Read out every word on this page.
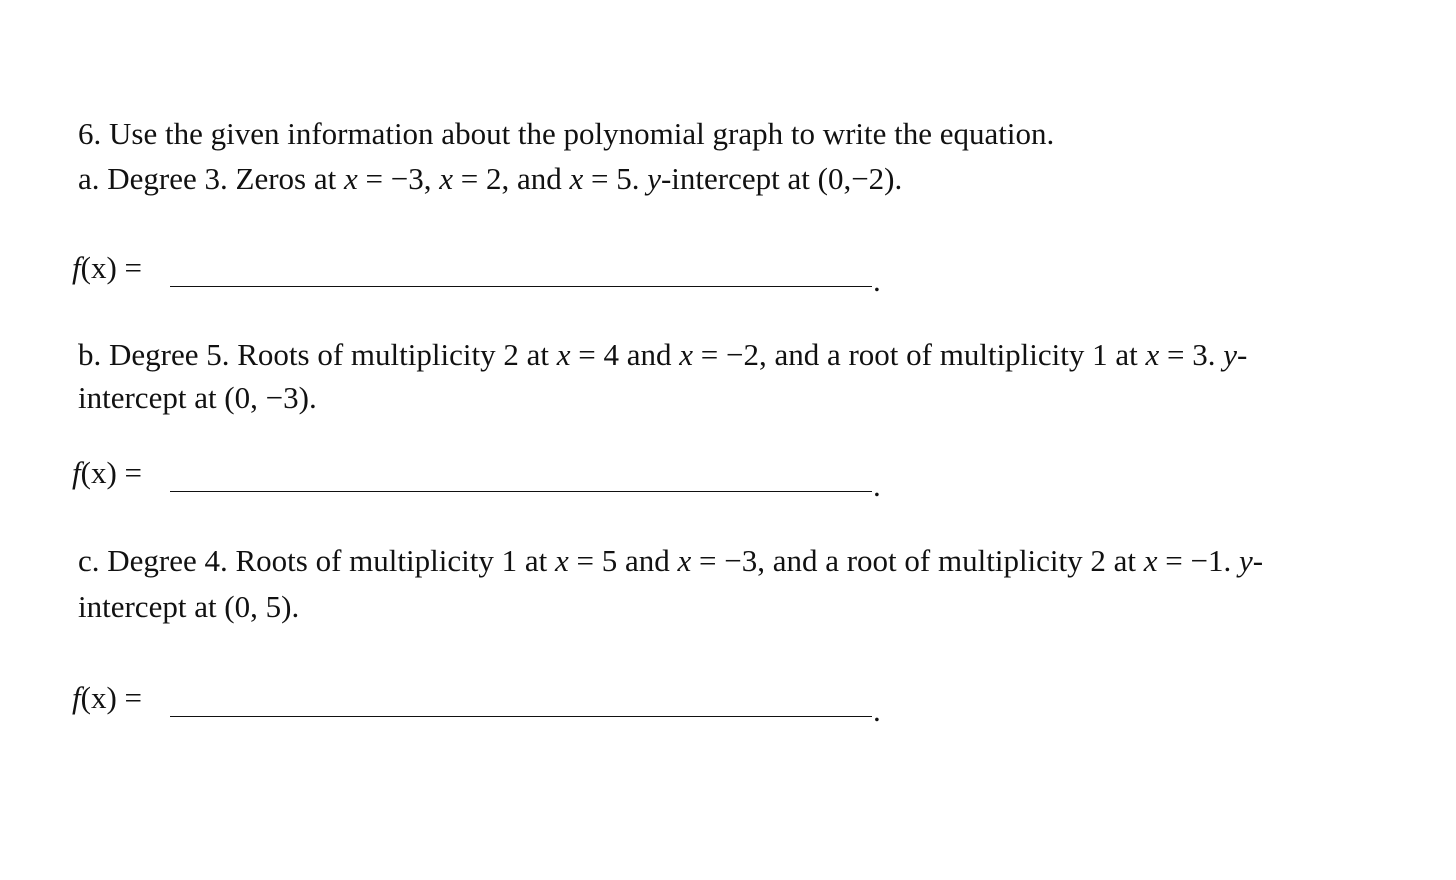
6. Use the given information about the polynomial graph to write the equation.
a. Degree 3. Zeros at x = −3, x = 2, and x = 5. y-intercept at (0,−2).
f(x) =	.
b. Degree 5. Roots of multiplicity 2 at x = 4 and x = −2, and a root of multiplicity 1 at x = 3. y-
intercept at (0, −3).
f(x) =	.
c. Degree 4. Roots of multiplicity 1 at x = 5 and x = −3, and a root of multiplicity 2 at x = −1. y-
intercept at (0, 5).
f(x) =	.
